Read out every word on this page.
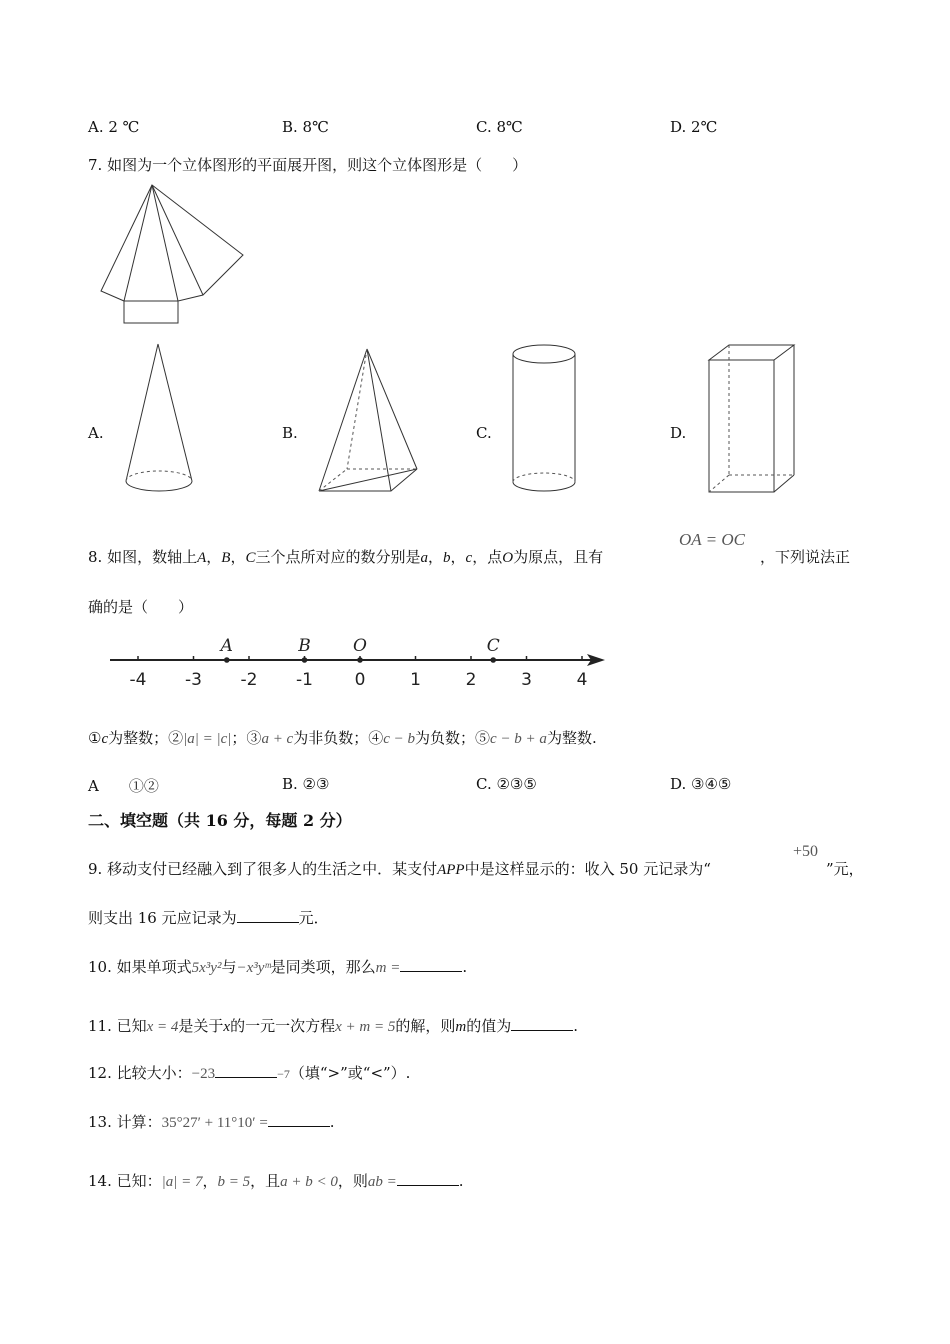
A. 2 ℃	B. 8℃	C. 8℃	D. 2℃
7. 如图为一个立体图形的平面展开图，则这个立体图形是（　　）
A.	B.	C.	D.
8. 如图，数轴上A，B，C三个点所对应的数分别是a，b，c，点O为原点，且有
OA = OC
，下列说法正
确的是（　　）
-4 -3 -2 -1 0	1	2	3	4
A	B O	C
①c为整数；②|a| = |c|；③a + c为非负数；④c − b为负数；⑤c − b + a为整数.
A　　①②	B. ②③	C. ②③⑤	D. ③④⑤
二、填空题（共 16 分，每题 2 分）
9. 移动支付已经融入到了很多人的生活之中．某支付APP中是这样显示的：收入 50 元记录为“
+50
”元，
则支出 16 元应记录为	元．
10. 如果单项式5x³y²与−x³yᵐ是同类项，那么m =	.
11. 已知x = 4是关于x的一元一次方程x + m = 5的解，则m的值为	.
12. 比较大小：−23	−7（填“>”或“<”）.
13. 计算：35°27′ + 11°10′ =	.
14. 已知：|a| = 7，b = 5，且a + b < 0，则ab =	.
